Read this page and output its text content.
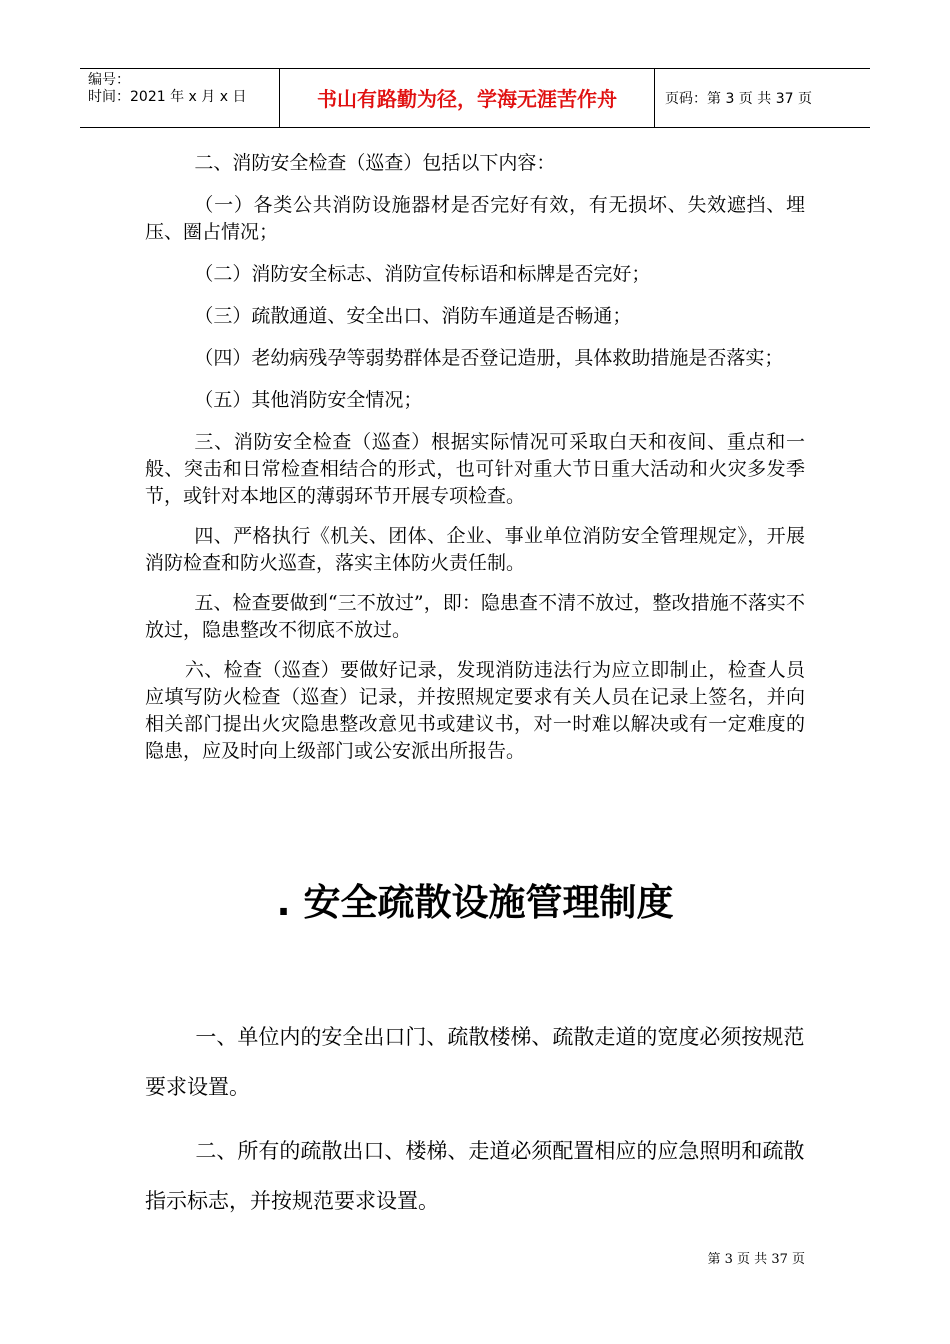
编号：
时间：2021 年 x 月 x 日	书山有路勤为径，学海无涯苦作舟	页码：第 3 页 共 37 页

二、消防安全检查（巡查）包括以下内容：

（一）各类公共消防设施器材是否完好有效，有无损坏、失效遮挡、埋压、圈占情况；

（二）消防安全标志、消防宣传标语和标牌是否完好；

（三）疏散通道、安全出口、消防车通道是否畅通；

（四）老幼病残孕等弱势群体是否登记造册，具体救助措施是否落实；

（五）其他消防安全情况；

三、消防安全检查（巡查）根据实际情况可采取白天和夜间、重点和一般、突击和日常检查相结合的形式，也可针对重大节日重大活动和火灾多发季节，或针对本地区的薄弱环节开展专项检查。

四、严格执行《机关、团体、企业、事业单位消防安全管理规定》，开展消防检查和防火巡查，落实主体防火责任制。

五、检查要做到“三不放过”，即：隐患查不清不放过，整改措施不落实不放过，隐患整改不彻底不放过。

六、检查（巡查）要做好记录，发现消防违法行为应立即制止，检查人员应填写防火检查（巡查）记录，并按照规定要求有关人员在记录上签名，并向相关部门提出火灾隐患整改意见书或建议书，对一时难以解决或有一定难度的隐患，应及时向上级部门或公安派出所报告。

. 安全疏散设施管理制度

一、单位内的安全出口门、疏散楼梯、疏散走道的宽度必须按规范要求设置。

二、所有的疏散出口、楼梯、走道必须配置相应的应急照明和疏散指示标志，并按规范要求设置。

第 3 页 共 37 页
